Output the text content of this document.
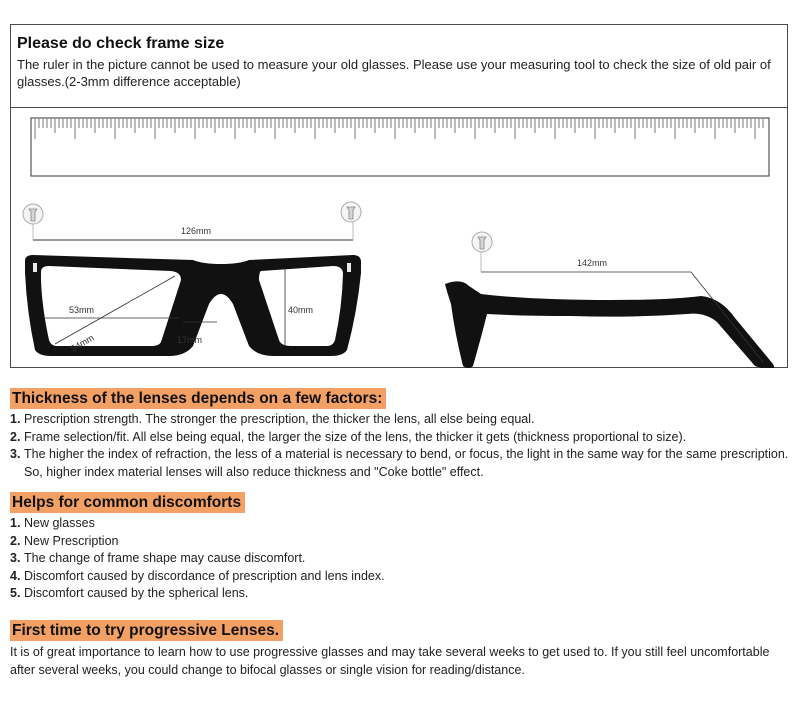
Please do check frame size
The ruler in the picture cannot be used to measure your old glasses. Please use your measuring tool to check the size of old pair of glasses.(2-3mm difference acceptable)
126mm
53mm
54mm	17mm
40mm
142mm
Thickness of the lenses depends on a few factors:
1. Prescription strength. The stronger the prescription, the thicker the lens, all else being equal.
2. Frame selection/fit. All else being equal, the larger the size of the lens, the thicker it gets (thickness proportional to size).
3. The higher the index of refraction, the less of a material is necessary to bend, or focus, the light in the same way for the same prescription. So, higher index material lenses will also reduce thickness and "Coke bottle" effect.
Helps for common discomforts
1. New glasses
2. New Prescription
3. The change of frame shape may cause discomfort.
4. Discomfort caused by discordance of prescription and lens index.
5. Discomfort caused by the spherical lens.
First time to try progressive Lenses.

It is of great importance to learn how to use progressive glasses and may take several weeks to get used to. If you still feel uncomfortable after several weeks, you could change to bifocal glasses or single vision for reading/distance.
